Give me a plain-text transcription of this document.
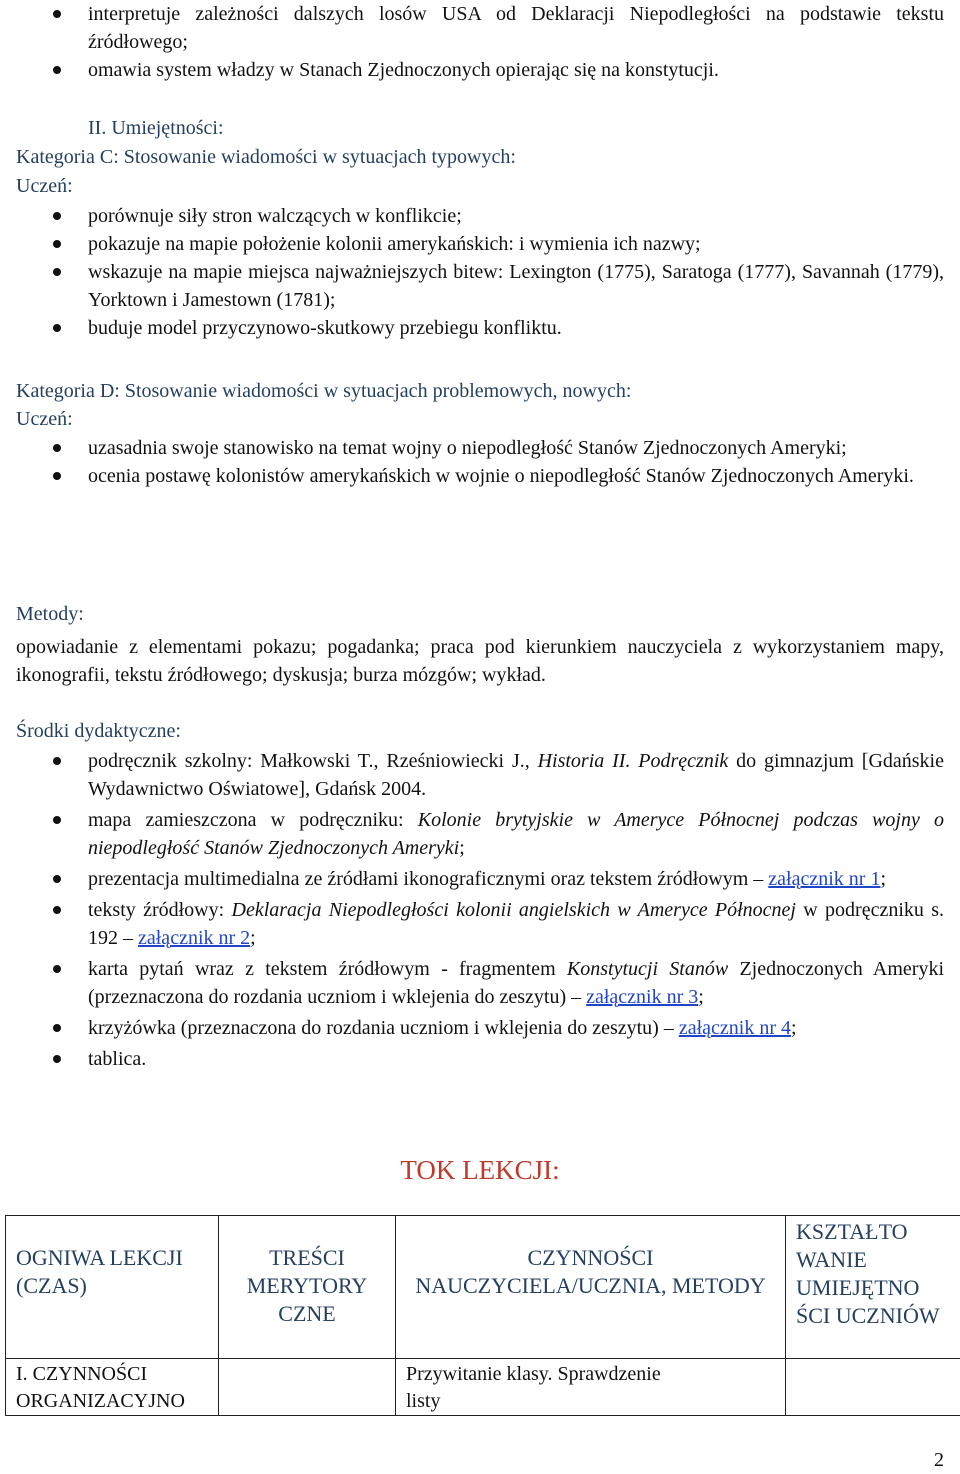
interpretuje zależności dalszych losów USA od Deklaracji Niepodległości na podstawie tekstu źródłowego;
omawia system władzy w Stanach Zjednoczonych opierając się na konstytucji.
II. Umiejętności:
Kategoria C: Stosowanie wiadomości w sytuacjach typowych:
Uczeń:
porównuje siły stron walczących w konflikcie;
pokazuje na mapie położenie kolonii amerykańskich: i wymienia ich nazwy;
wskazuje na mapie miejsca najważniejszych bitew: Lexington (1775), Saratoga (1777), Savannah (1779), Yorktown i Jamestown (1781);
buduje model przyczynowo-skutkowy przebiegu konfliktu.
Kategoria D: Stosowanie wiadomości w sytuacjach problemowych, nowych:
Uczeń:
uzasadnia swoje stanowisko na temat wojny o niepodległość Stanów Zjednoczonych Ameryki;
ocenia postawę kolonistów amerykańskich w wojnie o niepodległość Stanów Zjednoczonych Ameryki.
Metody:
opowiadanie z elementami pokazu; pogadanka; praca pod kierunkiem nauczyciela z wykorzystaniem mapy, ikonografii, tekstu źródłowego; dyskusja; burza mózgów; wykład.
Środki dydaktyczne:
podręcznik szkolny: Małkowski T., Rześniowiecki J., Historia II. Podręcznik do gimnazjum [Gdańskie Wydawnictwo Oświatowe], Gdańsk 2004.
mapa zamieszczona w podręczniku: Kolonie brytyjskie w Ameryce Północnej podczas wojny o niepodległość Stanów Zjednoczonych Ameryki;
prezentacja multimedialna ze źródłami ikonograficznymi oraz tekstem źródłowym – załącznik nr 1;
teksty źródłowy: Deklaracja Niepodległości kolonii angielskich w Ameryce Północnej w podręczniku s. 192 – załącznik nr 2;
karta pytań wraz z tekstem źródłowym - fragmentem Konstytucji Stanów Zjednoczonych Ameryki (przeznaczona do rozdania uczniom i wklejenia do zeszytu) – załącznik nr 3;
krzyżówka (przeznaczona do rozdania uczniom i wklejenia do zeszytu) – załącznik nr 4;
tablica.
TOK LEKCJI:
OGNIWA LEKCJI (CZAS)	TREŚCI MERYTORY CZNE	CZYNNOŚCI NAUCZYCIELA/UCZNIA, METODY	KSZTAŁTO WANIE UMIEJĘTNO ŚCI UCZNIÓW
I. CZYNNOŚCI ORGANIZACYJNO		Przywitanie klasy. Sprawdzenie listy	
2
